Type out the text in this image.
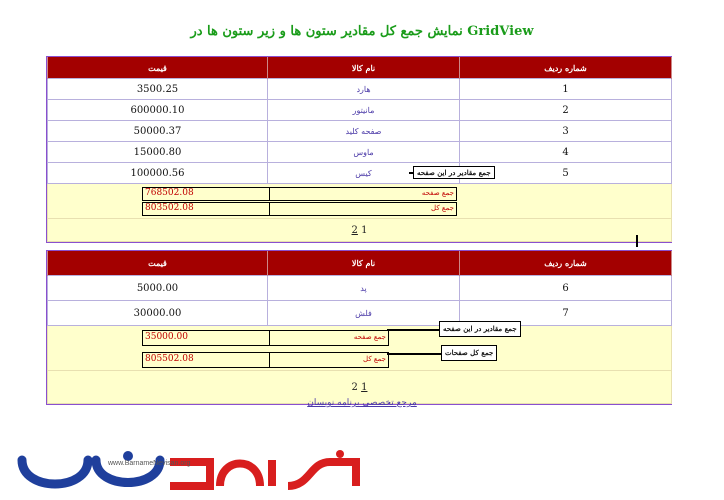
نمایش جمع کل مقادیر ستون ها و زیر ستون ها در GridView
قیمت	نام کالا	شماره ردیف
3500.25	هارد	1
600000.10	مانیتور	2
50000.37	صفحه کلید	3
15000.80	ماوس	4
100000.56	کیس	5

768502.08 جمع صفحه
803502.08 جمع کل		

2 1		
جمع مقادیر در این صفحه
قیمت	نام کالا	شماره ردیف
5000.00	پد	6
30000.00	فلش	7

35000.00 جمع صفحه
805502.08 جمع کل		

2 1		
جمع مقادیر در این صفحه
جمع کل صفحات
مرجع تخصصی برنامه نویسان
www.BarnameNevisan.org
